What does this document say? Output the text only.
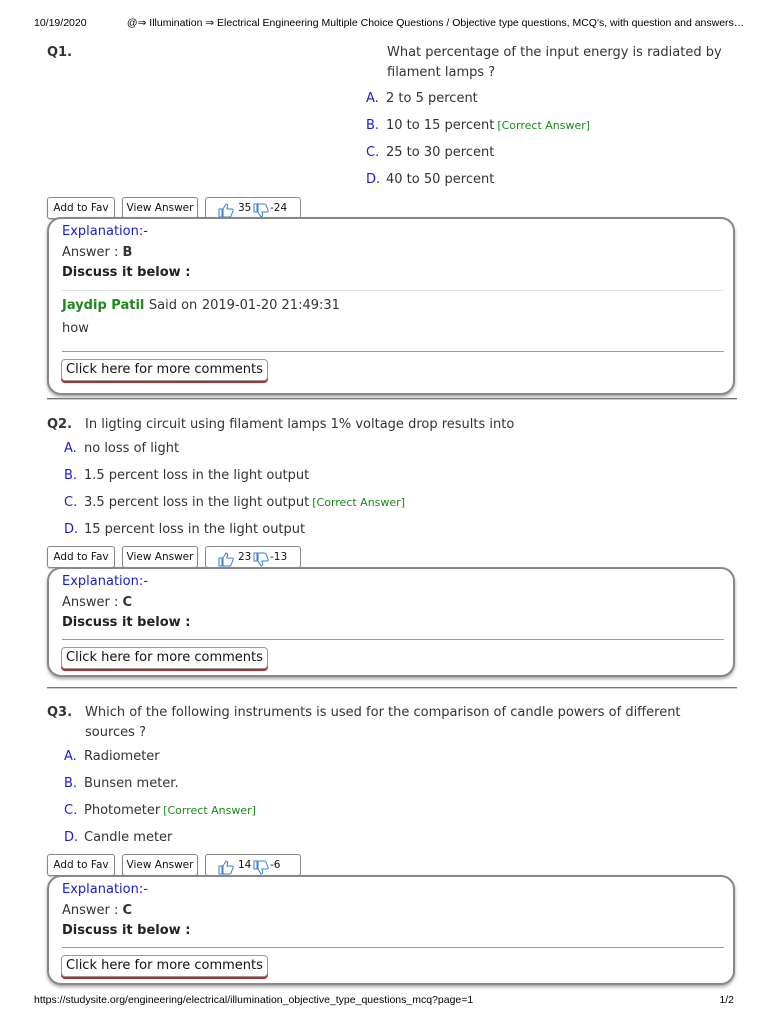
10/19/2020	@⇒ Illumination ⇒ Electrical Engineering Multiple Choice Questions / Objective type questions, MCQ's, with question and answers…
Q1.	What percentage of the input energy is radiated by filament lamps ?
A. 2 to 5 percent
B. 10 to 15 percent [Correct Answer]
C. 25 to 30 percent
D. 40 to 50 percent
Add to Fav	View Answer	35 -24
Explanation:-
Answer : B
Discuss it below :
Jaydip Patil Said on 2019-01-20 21:49:31
how
Click here for more comments
Q2. In ligting circuit using filament lamps 1% voltage drop results into
A. no loss of light
B. 1.5 percent loss in the light output
C. 3.5 percent loss in the light output [Correct Answer]
D. 15 percent loss in the light output
Add to Fav	View Answer	23 -13
Explanation:-
Answer : C
Discuss it below :
Click here for more comments
Q3. Which of the following instruments is used for the comparison of candle powers of different sources ?
A. Radiometer
B. Bunsen meter.
C. Photometer [Correct Answer]
D. Candle meter
Add to Fav	View Answer	14 -6
Explanation:-
Answer : C
Discuss it below :
Click here for more comments
https://studysite.org/engineering/electrical/illumination_objective_type_questions_mcq?page=1	1/2
